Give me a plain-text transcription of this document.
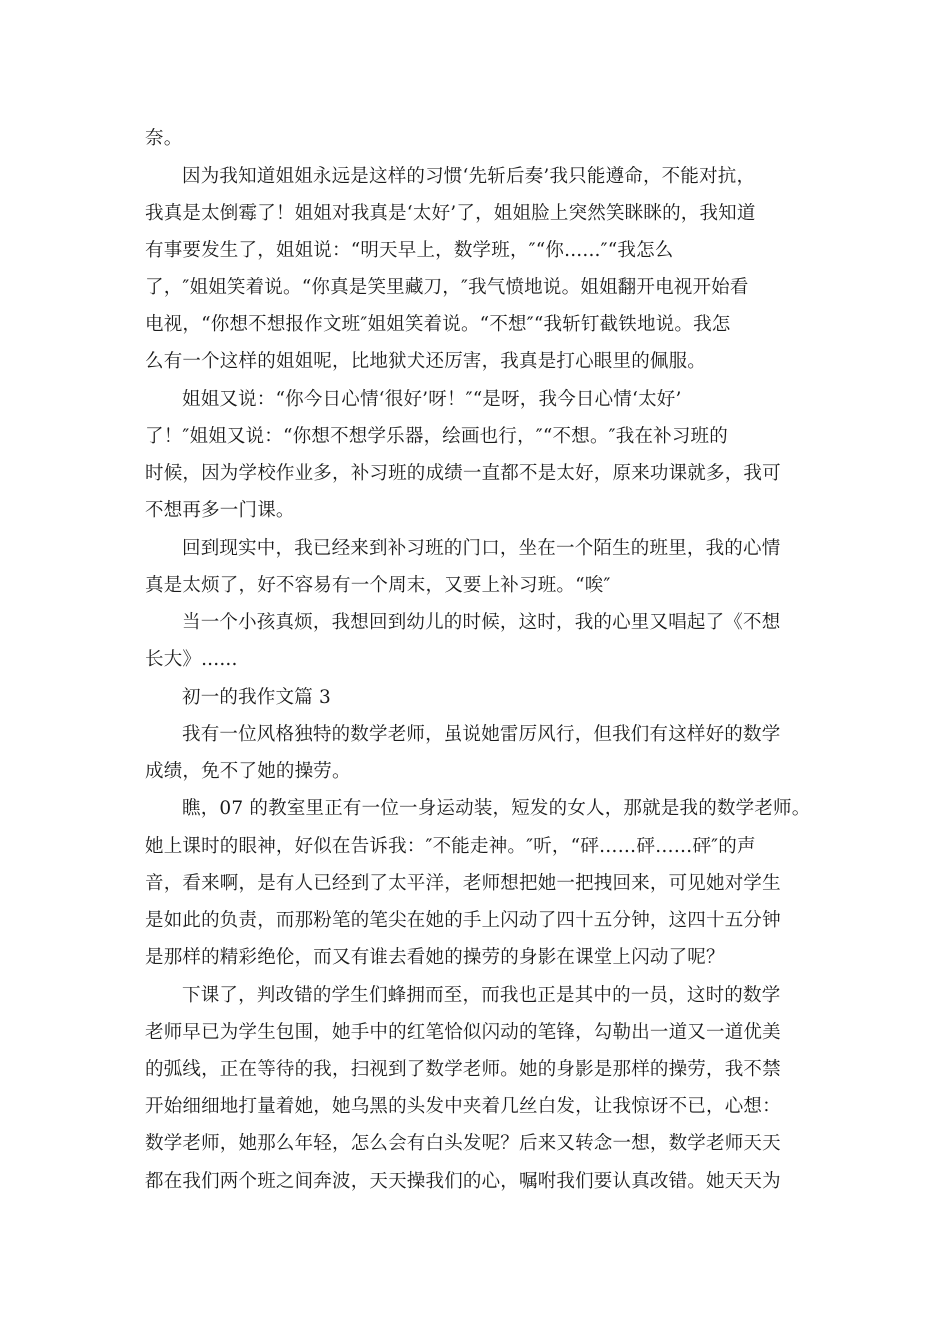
奈。
因为我知道姐姐永远是这样的习惯‘先斩后奏’我只能遵命，不能对抗，
我真是太倒霉了！姐姐对我真是‘太好’了，姐姐脸上突然笑眯眯的，我知道
有事要发生了，姐姐说：“明天早上，数学班，″“你......″“我怎么
了，″姐姐笑着说。“你真是笑里藏刀，″我气愤地说。姐姐翻开电视开始看
电视，“你想不想报作文班″姐姐笑着说。“不想″“我斩钉截铁地说。我怎
么有一个这样的姐姐呢，比地狱犬还厉害，我真是打心眼里的佩服。
姐姐又说：“你今日心情‘很好’呀！″“是呀，我今日心情‘太好’
了！″姐姐又说：“你想不想学乐器，绘画也行，″“不想。″我在补习班的
时候，因为学校作业多，补习班的成绩一直都不是太好，原来功课就多，我可
不想再多一门课。
回到现实中，我已经来到补习班的门口，坐在一个陌生的班里，我的心情
真是太烦了，好不容易有一个周末，又要上补习班。“唉″
当一个小孩真烦，我想回到幼儿的时候，这时，我的心里又唱起了《不想
长大》......
初一的我作文篇 3
我有一位风格独特的数学老师，虽说她雷厉风行，但我们有这样好的数学
成绩，免不了她的操劳。
瞧，07 的教室里正有一位一身运动装，短发的女人，那就是我的数学老师。
她上课时的眼神，好似在告诉我：″不能走神。″听，“砰……砰……砰″的声
音，看来啊，是有人已经到了太平洋，老师想把她一把拽回来，可见她对学生
是如此的负责，而那粉笔的笔尖在她的手上闪动了四十五分钟，这四十五分钟
是那样的精彩绝伦，而又有谁去看她的操劳的身影在课堂上闪动了呢？
下课了，判改错的学生们蜂拥而至，而我也正是其中的一员，这时的数学
老师早已为学生包围，她手中的红笔恰似闪动的笔锋，勾勒出一道又一道优美
的弧线，正在等待的我，扫视到了数学老师。她的身影是那样的操劳，我不禁
开始细细地打量着她，她乌黑的头发中夹着几丝白发，让我惊讶不已，心想：
数学老师，她那么年轻，怎么会有白头发呢？后来又转念一想，数学老师天天
都在我们两个班之间奔波，天天操我们的心，嘱咐我们要认真改错。她天天为
